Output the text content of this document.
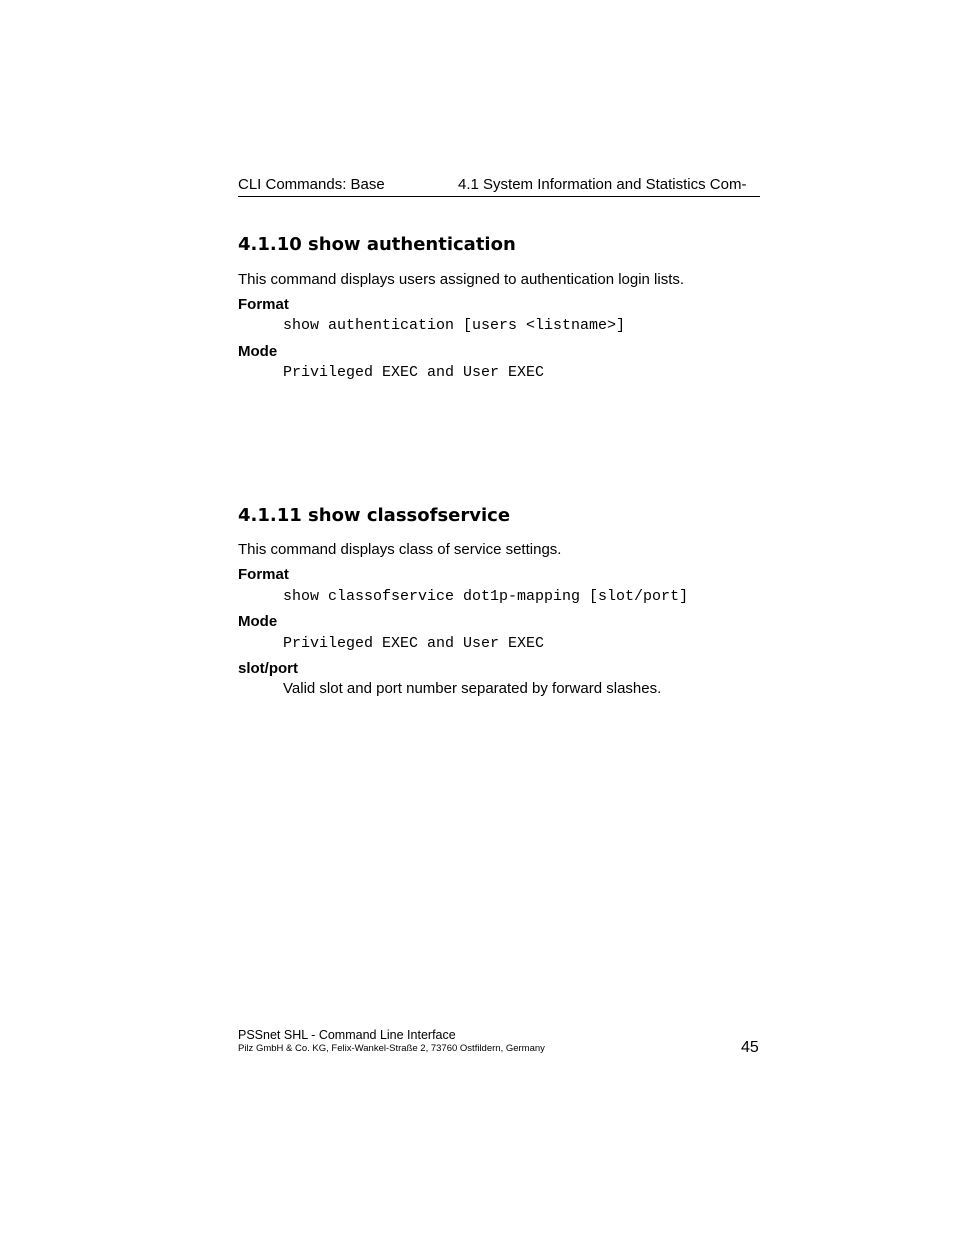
CLI Commands: Base	4.1 System Information and Statistics Com-
4.1.10 show authentication
This command displays users assigned to authentication login lists.
Format
show authentication [users <listname>]
Mode
Privileged EXEC and User EXEC
4.1.11 show classofservice
This command displays class of service settings.
Format
show classofservice dot1p-mapping [slot/port]
Mode
Privileged EXEC and User EXEC
slot/port
Valid slot and port number separated by forward slashes.
PSSnet SHL - Command Line Interface
Pilz GmbH & Co. KG, Felix-Wankel-Straße 2, 73760 Ostfildern, Germany	45
